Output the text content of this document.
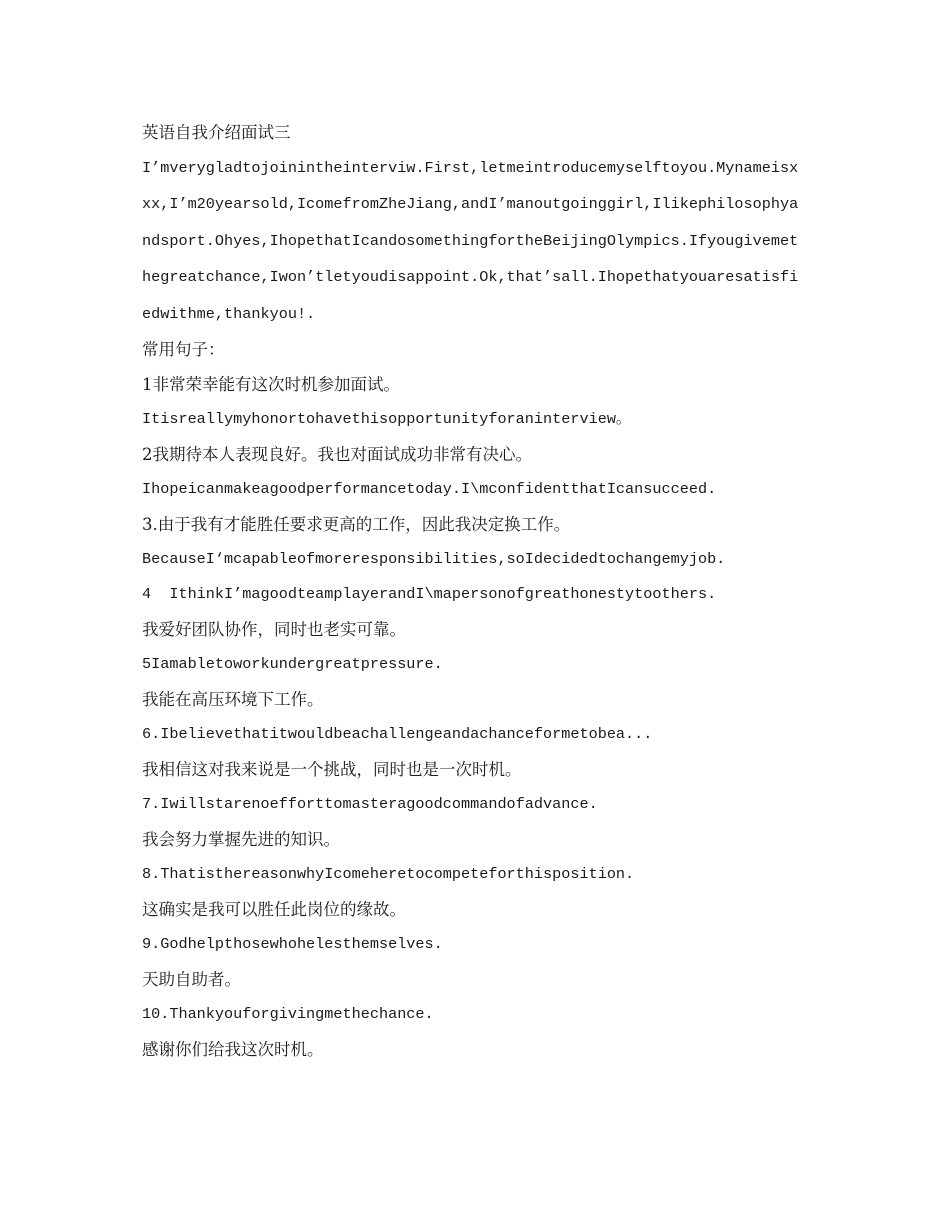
英语自我介绍面试三

I’mverygladtojoinintheinterviw.First,letmeintroducemyselftoyou.Mynameisxxx,I’m20yearsold,IcomefromZheJiang,andI’manoutgoinggirl,Ilikephilosophyandsport.Ohyes,IhopethatIcandosomethingfortheBeijingOlympics.Ifyougivemethegreatchance,Iwon’tletyoudisappoint.Ok,that’sall.Ihopethatyouaresatisfiedwithme,thankyou!.

常用句子：
1非常荣幸能有这次时机参加面试。
Itisreallymyhonortohavethisopportunityforaninterview。
2我期待本人表现良好。我也对面试成功非常有决心。
Ihopeicanmakeagoodperformancetoday.I\mconfidentthatIcansucceed.
3.由于我有才能胜任要求更高的工作，因此我决定换工作。
BecauseI‘mcapableofmoreresponsibilities,soIdecidedtochangemyjob.
4  IthinkI’magoodteamplayerandI\mapersonofgreathonestytoothers.
我爱好团队协作，同时也老实可靠。
5Iamabletoworkundergreatpressure.
我能在高压环境下工作。
6.Ibelievethatitwouldbeachallengeandachanceformetobea...
我相信这对我来说是一个挑战，同时也是一次时机。
7.Iwillstarenoefforttomasteragoodcommandofadvance.
我会努力掌握先进的知识。
8.ThatisthereasonwhyIcomeheretocompeteforthisposition.
这确实是我可以胜任此岗位的缘故。
9.Godhelpthosewhohelesthemselves.
天助自助者。
10.Thankyouforgivingmethechance.
感谢你们给我这次时机。
